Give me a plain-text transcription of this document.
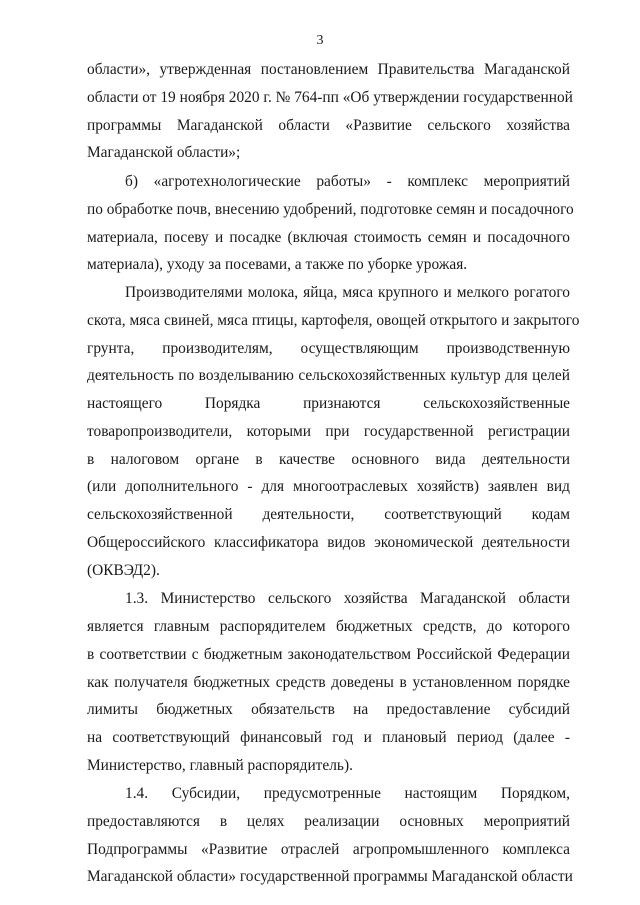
3
области», утвержденная постановлением Правительства Магаданской
области от 19 ноября 2020 г. № 764-пп «Об утверждении государственной
программы Магаданской области «Развитие сельского хозяйства
Магаданской области»;
б) «агротехнологические работы» - комплекс мероприятий
по обработке почв, внесению удобрений, подготовке семян и посадочного
материала, посеву и посадке (включая стоимость семян и посадочного
материала), уходу за посевами, а также по уборке урожая.
Производителями молока, яйца, мяса крупного и мелкого рогатого
скота, мяса свиней, мяса птицы, картофеля, овощей открытого и закрытого
грунта, производителям, осуществляющим производственную
деятельность по возделыванию сельскохозяйственных культур для целей
настоящего Порядка признаются сельскохозяйственные
товаропроизводители, которыми при государственной регистрации
в налоговом органе в качестве основного вида деятельности
(или дополнительного - для многоотраслевых хозяйств) заявлен вид
сельскохозяйственной деятельности, соответствующий кодам
Общероссийского классификатора видов экономической деятельности
(ОКВЭД2).
1.3. Министерство сельского хозяйства Магаданской области
является главным распорядителем бюджетных средств, до которого
в соответствии с бюджетным законодательством Российской Федерации
как получателя бюджетных средств доведены в установленном порядке
лимиты бюджетных обязательств на предоставление субсидий
на соответствующий финансовый год и плановый период (далее -
Министерство, главный распорядитель).
1.4. Субсидии, предусмотренные настоящим Порядком,
предоставляются в целях реализации основных мероприятий
Подпрограммы «Развитие отраслей агропромышленного комплекса
Магаданской области» государственной программы Магаданской области
